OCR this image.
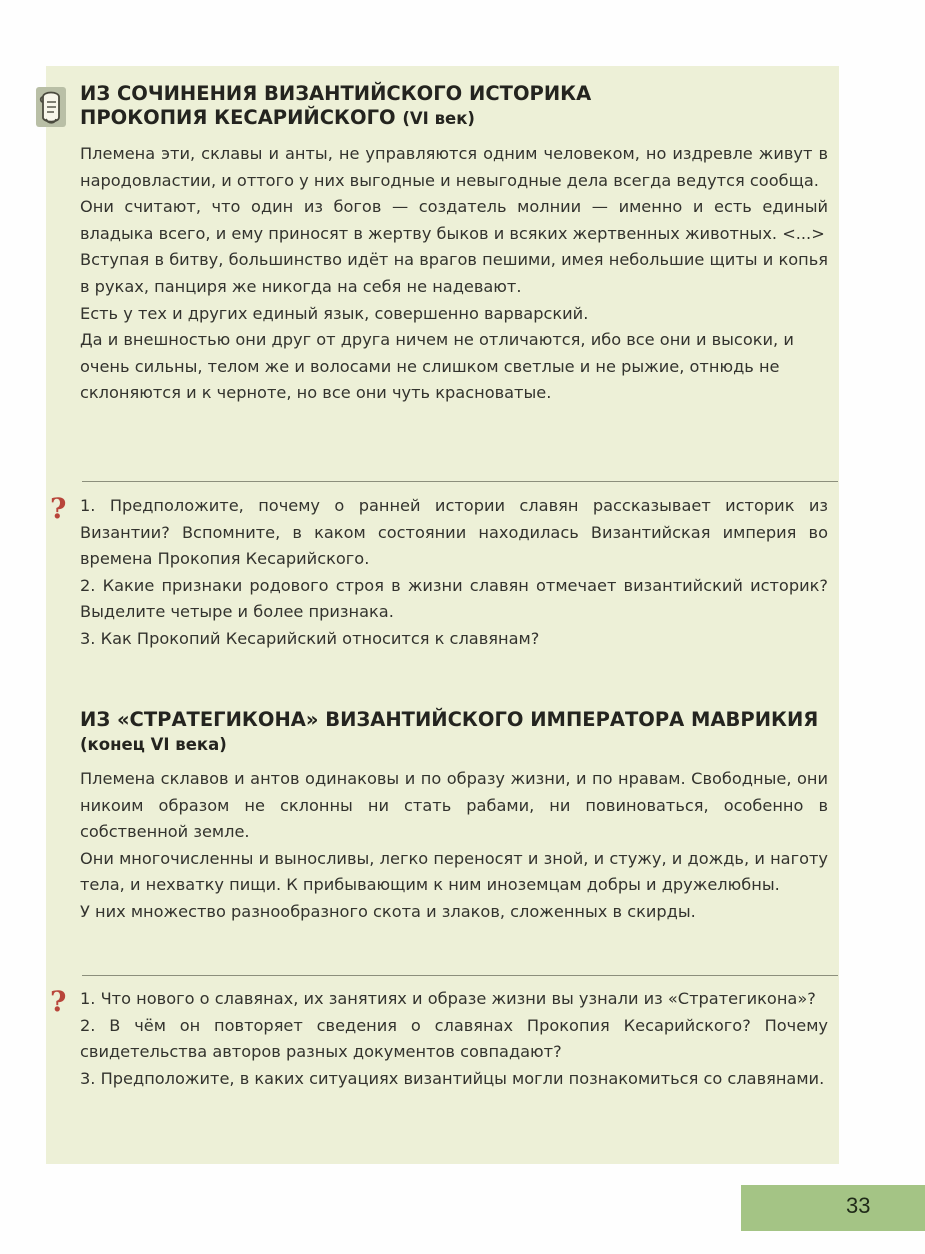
ИЗ СОЧИНЕНИЯ ВИЗАНТИЙСКОГО ИСТОРИКА
ПРОКОПИЯ КЕСАРИЙСКОГО (VI век)

Племена эти, склавы и анты, не управляются одним человеком, но издревле живут в народовластии, и оттого у них выгодные и невыгодные дела всегда ведутся сообща.

Они считают, что один из богов — создатель молнии — именно и есть единый владыка всего, и ему приносят в жертву быков и всяких жертвенных животных. <...>

Вступая в битву, большинство идёт на врагов пешими, имея небольшие щиты и копья в руках, панциря же никогда на себя не надевают.

Есть у тех и других единый язык, совершенно варварский.

Да и внешностью они друг от друга ничем не отличаются, ибо все они и высоки, и очень сильны, телом же и волосами не слишком светлые и не рыжие, отнюдь не склоняются и к черноте, но все они чуть красноватые.

? 1. Предположите, почему о ранней истории славян рассказывает историк из Византии? Вспомните, в каком состоянии находилась Византийская империя во времена Прокопия Кесарийского.

2. Какие признаки родового строя в жизни славян отмечает византийский историк? Выделите четыре и более признака.

3. Как Прокопий Кесарийский относится к славянам?

ИЗ «СТРАТЕГИКОНА» ВИЗАНТИЙСКОГО ИМПЕРАТОРА МАВРИКИЯ
(конец VI века)

Племена склавов и антов одинаковы и по образу жизни, и по нравам. Свободные, они никоим образом не склонны ни стать рабами, ни повиноваться, особенно в собственной земле.

Они многочисленны и выносливы, легко переносят и зной, и стужу, и дождь, и наготу тела, и нехватку пищи. К прибывающим к ним иноземцам добры и дружелюбны.

У них множество разнообразного скота и злаков, сложенных в скирды.

? 1. Что нового о славянах, их занятиях и образе жизни вы узнали из «Стратегикона»?

2. В чём он повторяет сведения о славянах Прокопия Кесарийского? Почему свидетельства авторов разных документов совпадают?

3. Предположите, в каких ситуациях византийцы могли познакомиться со славянами.

33
